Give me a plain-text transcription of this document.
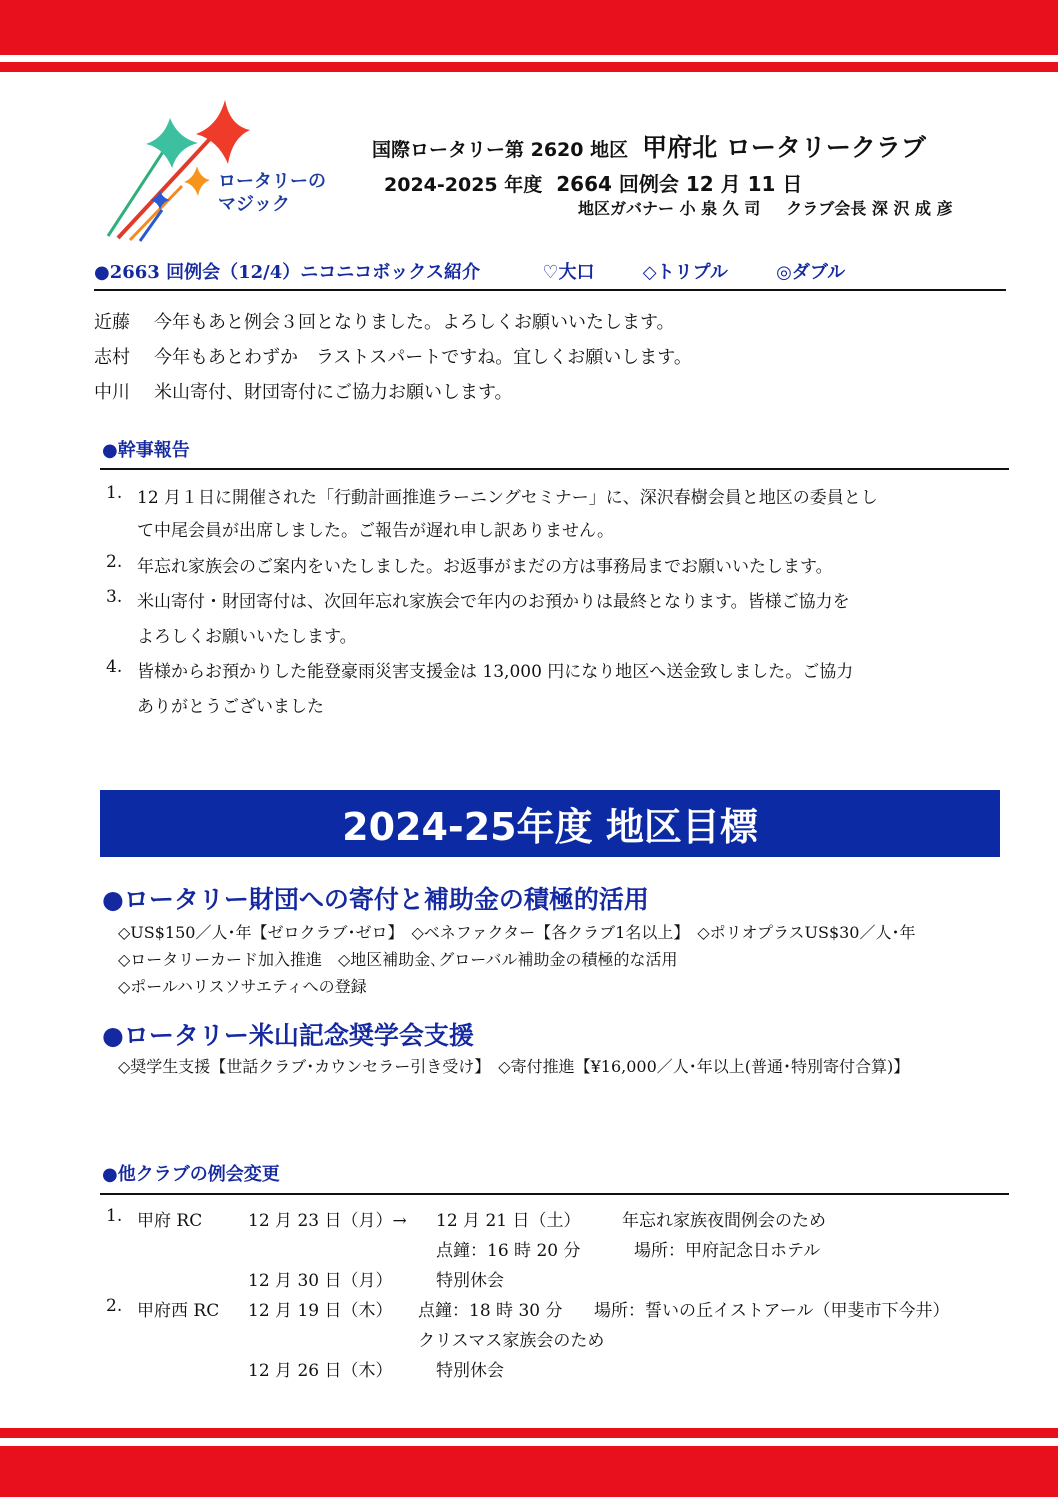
ロータリーの
マジック
国際ロータリー第 2620 地区 甲府北 ロータリークラブ
2024-2025 年度 2664 回例会 12 月 11 日
地区ガバナー 小 泉 久 司 クラブ会長 深 沢 成 彦
●2663 回例会（12/4）ニコニコボックス紹介	♡大口	◇トリプル	◎ダブル
近藤 今年もあと例会３回となりました。よろしくお願いいたします。
志村 今年もあとわずか　ラストスパートですね。宜しくお願いします。
中川 米山寄付、財団寄付にご協力お願いします。
●幹事報告
1. 12 月１日に開催された「行動計画推進ラーニングセミナー」に、深沢春樹会員と地区の委員とし
て中尾会員が出席しました。ご報告が遅れ申し訳ありません。
2. 年忘れ家族会のご案内をいたしました。お返事がまだの方は事務局までお願いいたします。
3. 米山寄付・財団寄付は、次回年忘れ家族会で年内のお預かりは最終となります。皆様ご協力を
よろしくお願いいたします。
4. 皆様からお預かりした能登豪雨災害支援金は 13,000 円になり地区へ送金致しました。ご協力
ありがとうございました
2024-25年度 地区目標
●ロータリー財団への寄付と補助金の積極的活用
◇US$150／人･年【ゼロクラブ･ゼロ】　◇ベネファクター【各クラブ1名以上】　◇ポリオプラスUS$30／人･年
◇ロータリーカード加入推進　◇地区補助金､グローバル補助金の積極的な活用
◇ポールハリスソサエティへの登録
●ロータリー米山記念奨学会支援
◇奨学生支援【世話クラブ･カウンセラー引き受け】　◇寄付推進【¥16,000／人･年以上(普通･特別寄付合算)】
●他クラブの例会変更
1. 甲府 RC	12 月 23 日（月）→ 12 月 21 日（土） 年忘れ家族夜間例会のため
点鐘：16 時 20 分	場所：甲府記念日ホテル
12 月 30 日（月）	特別休会
2. 甲府西 RC 12 月 19 日（木） 点鐘：18 時 30 分 場所：誓いの丘イストアール（甲斐市下今井）
クリスマス家族会のため
12 月 26 日（木）	特別休会
